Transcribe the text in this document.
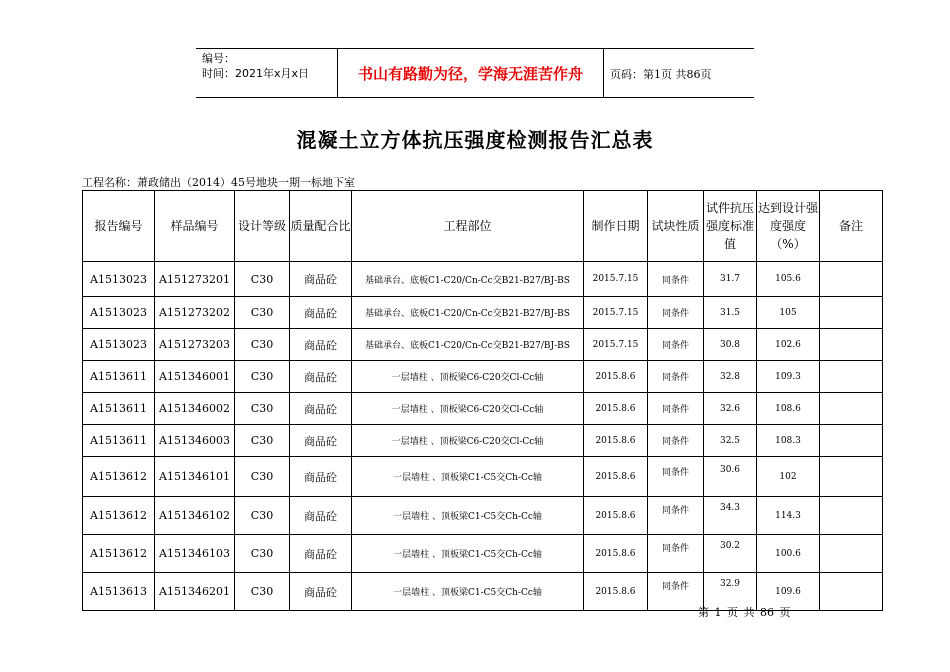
编号：
时间：2021年x月x日	书山有路勤为径，学海无涯苦作舟	页码：第1页 共86页
混凝土立方体抗压强度检测报告汇总表
工程名称：萧政储出（2014）45号地块一期一标地下室
报告编号	样品编号	设计等级	质量配合比	工程部位	制作日期	试块性质	试件抗压强度标准值	达到设计强度强度（%）	备注
A1513023	A151273201	C30	商品砼	基础承台、底板C1-C20/Cn-Cc交B21-B27/BJ-BS	2015.7.15	同条件	31.7	105.6	
A1513023	A151273202	C30	商品砼	基础承台、底板C1-C20/Cn-Cc交B21-B27/BJ-BS	2015.7.15	同条件	31.5	105	
A1513023	A151273203	C30	商品砼	基础承台、底板C1-C20/Cn-Cc交B21-B27/BJ-BS	2015.7.15	同条件	30.8	102.6	
A1513611	A151346001	C30	商品砼	一层墙柱 、顶板梁C6-C20交Cl-Cc轴	2015.8.6	同条件	32.8	109.3	
A1513611	A151346002	C30	商品砼	一层墙柱 、顶板梁C6-C20交Cl-Cc轴	2015.8.6	同条件	32.6	108.6	
A1513611	A151346003	C30	商品砼	一层墙柱 、顶板梁C6-C20交Cl-Cc轴	2015.8.6	同条件	32.5	108.3	
A1513612	A151346101	C30	商品砼	一层墙柱 、顶板梁C1-C5交Ch-Cc轴	2015.8.6	同条件	30.6	102	
A1513612	A151346102	C30	商品砼	一层墙柱 、顶板梁C1-C5交Ch-Cc轴	2015.8.6	同条件	34.3	114.3	
A1513612	A151346103	C30	商品砼	一层墙柱 、顶板梁C1-C5交Ch-Cc轴	2015.8.6	同条件	30.2	100.6	
A1513613	A151346201	C30	商品砼	一层墙柱 、顶板梁C1-C5交Ch-Cc轴	2015.8.6	同条件	32.9	109.6	
第 1 页 共 86 页
